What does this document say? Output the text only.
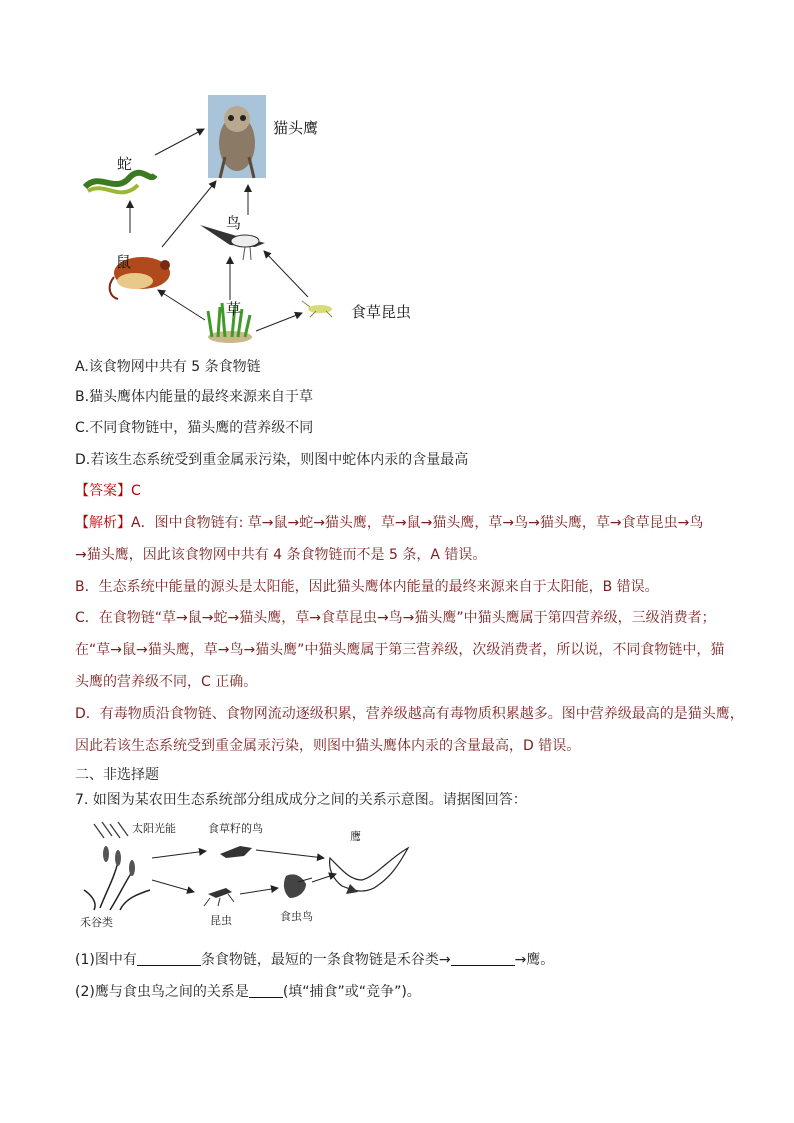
猫头鹰
蛇
鸟
鼠
草	食草昆虫
A.该食物网中共有 5 条食物链
B.猫头鹰体内能量的最终来源来自于草
C.不同食物链中，猫头鹰的营养级不同
D.若该生态系统受到重金属汞污染，则图中蛇体内汞的含量最高
【答案】C
【解析】A．图中食物链有: 草→鼠→蛇→猫头鹰，草→鼠→猫头鹰，草→鸟→猫头鹰，草→食草昆虫→鸟
→猫头鹰，因此该食物网中共有 4 条食物链而不是 5 条，A 错误。
B．生态系统中能量的源头是太阳能，因此猫头鹰体内能量的最终来源来自于太阳能，B 错误。
C．在食物链“草→鼠→蛇→猫头鹰，草→食草昆虫→鸟→猫头鹰”中猫头鹰属于第四营养级，三级消费者；
在“草→鼠→猫头鹰，草→鸟→猫头鹰”中猫头鹰属于第三营养级，次级消费者，所以说，不同食物链中，猫
头鹰的营养级不同，C 正确。
D．有毒物质沿食物链、食物网流动逐级积累，营养级越高有毒物质积累越多。图中营养级最高的是猫头鹰，
因此若该生态系统受到重金属汞污染，则图中猫头鹰体内汞的含量最高，D 错误。
二、非选择题
7. 如图为某农田生态系统部分组成成分之间的关系示意图。请据图回答：
太阳光能	食草籽的鸟
鹰
禾谷类	昆虫	食虫鸟
(1)图中有	条食物链，最短的一条食物链是禾谷类→	→鹰。
(2)鹰与食虫鸟之间的关系是 (填“捕食”或“竞争”)。
